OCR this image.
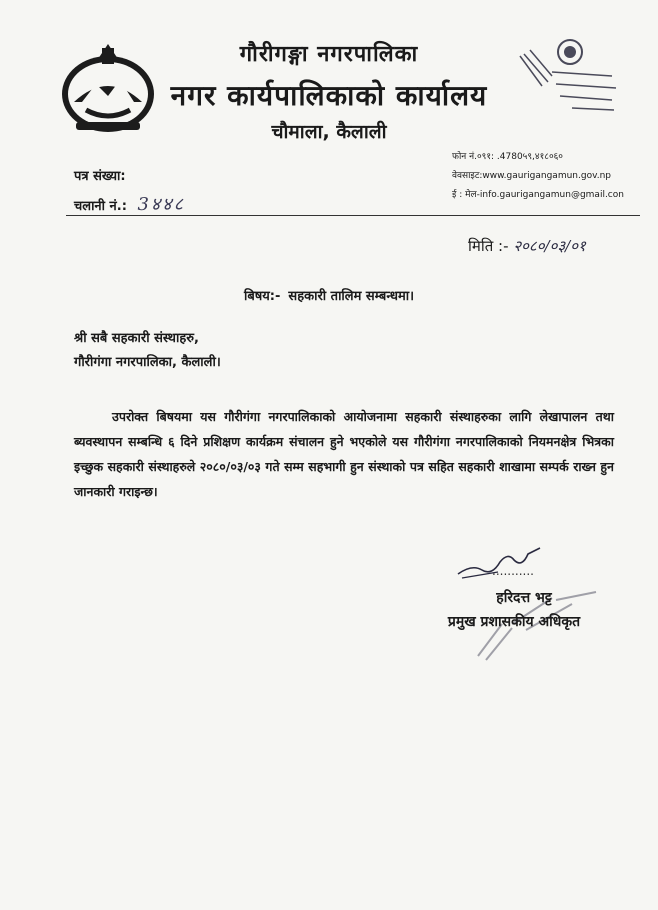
गौरीगङ्गा नगरपालिका
नगर कार्यपालिकाको कार्यालय
चौमाला, कैलाली
फोन नं.०९१: .4780५९,४१८०६०
वेवसाइट:www.gaurigangamun.gov.np
ई : मेल-info.gaurigangamun@gmail.con
पत्र संख्या:
चलानी नं.: 3४४८
मिति :- २०८०/०३/०१
बिषय:- सहकारी तालिम सम्बन्धमा।
श्री सबै सहकारी संस्थाहरु,
गौरीगंगा नगरपालिका, कैलाली।
उपरोक्त बिषयमा यस गौरीगंगा नगरपालिकाको आयोजनामा सहकारी संस्थाहरुका लागि लेखापालन तथा ब्यवस्थापन सम्बन्धि ६ दिने प्रशिक्षण कार्यक्रम संचालन हुने भएकोले यस गौरीगंगा नगरपालिकाको नियमनक्षेत्र भित्रका इच्छुक सहकारी संस्थाहरुले २०८०/०३/०३ गते सम्म सहभागी हुन संस्थाको पत्र सहित सहकारी शाखामा सम्पर्क राख्न हुन जानकारी गराइन्छ।
...........
हरिदत्त भट्ट
प्रमुख प्रशासकीय अधिकृत
